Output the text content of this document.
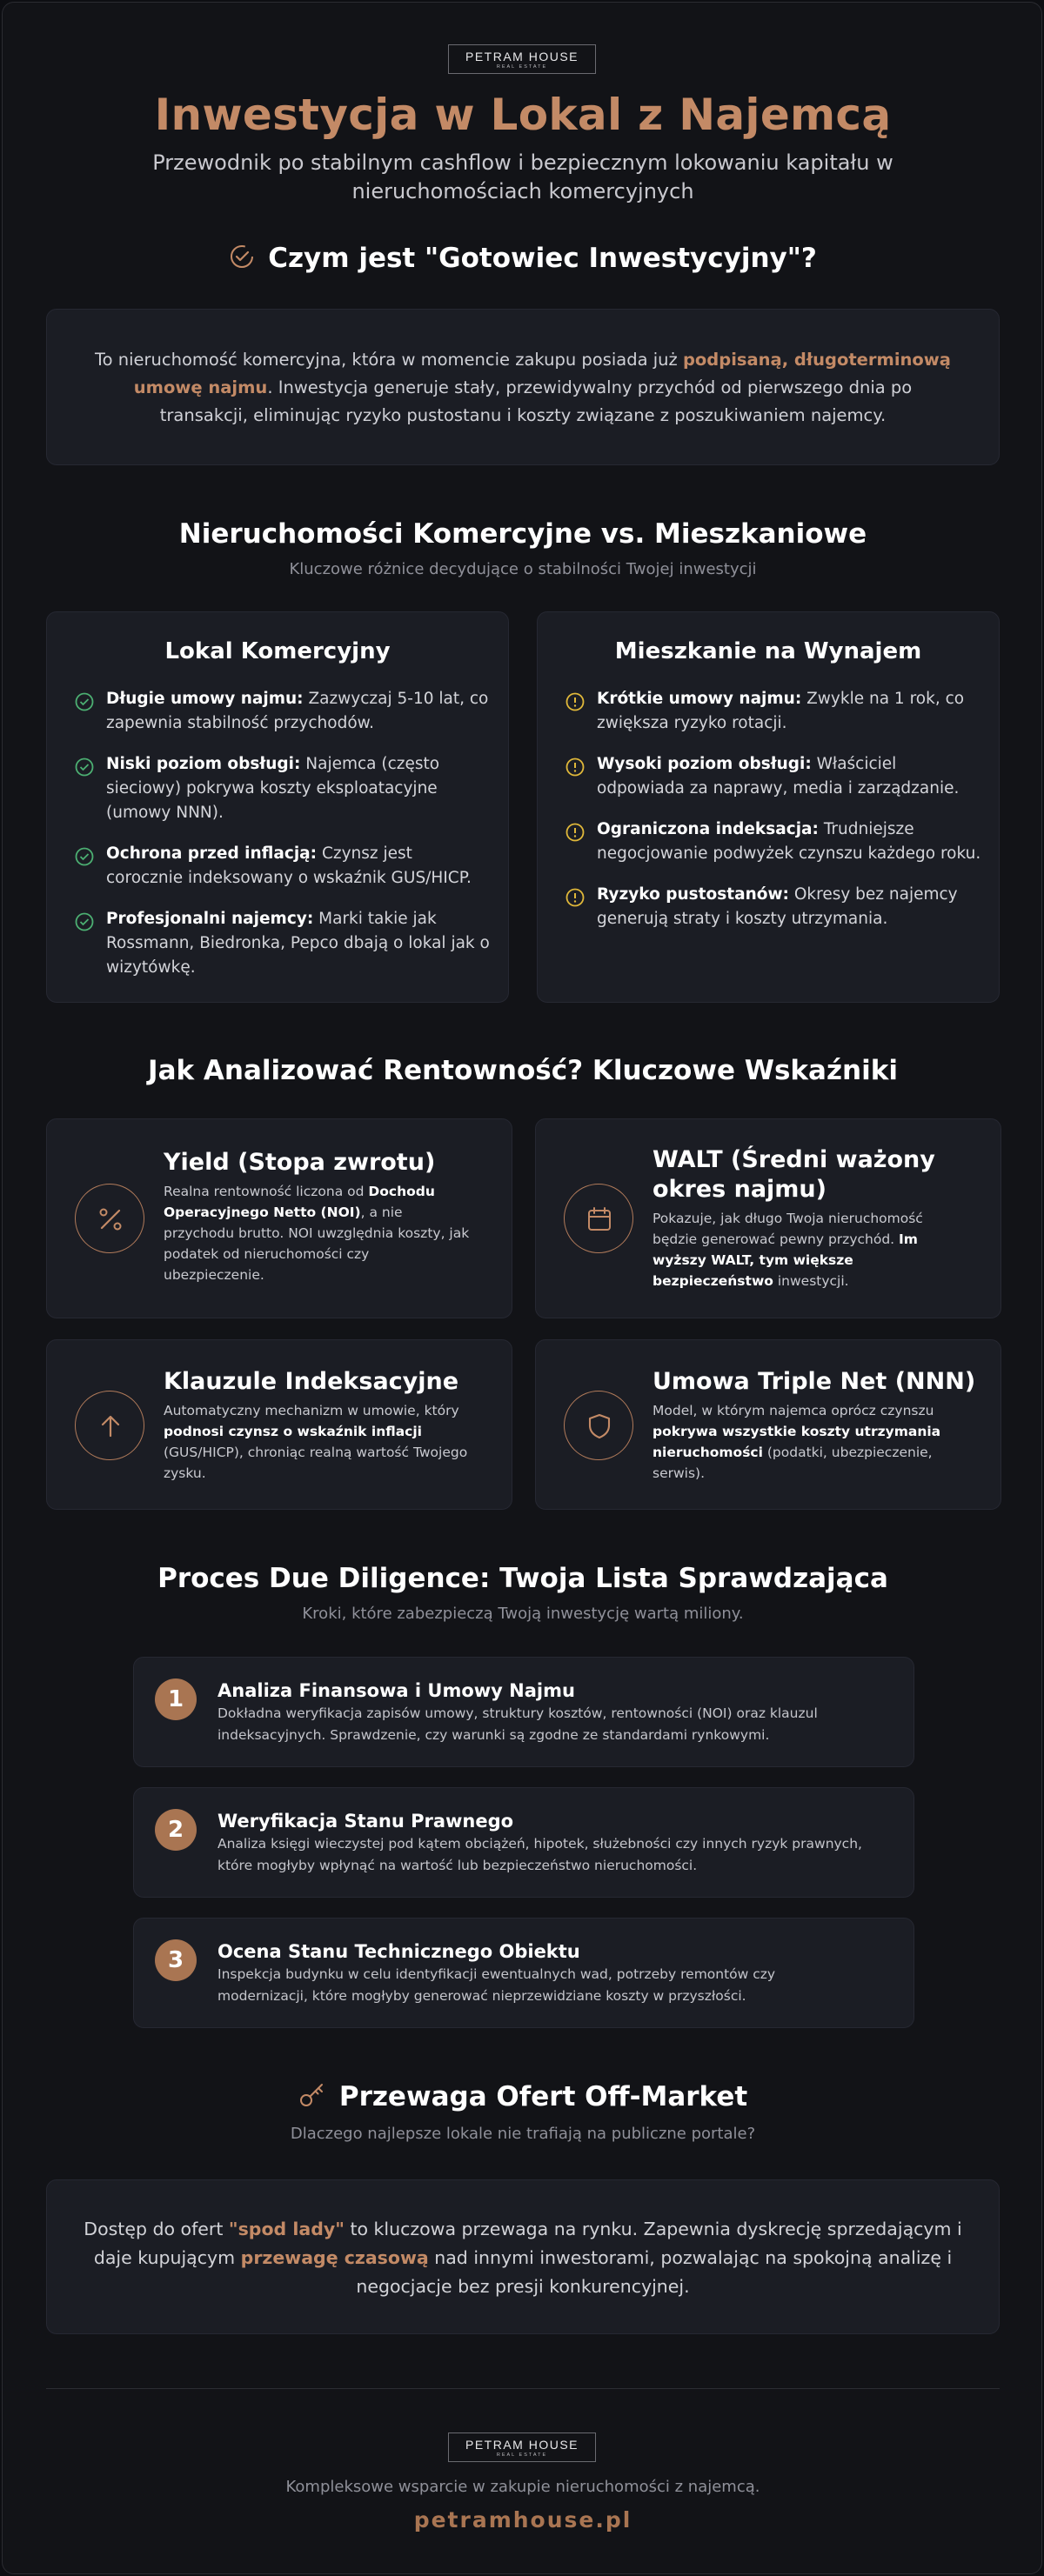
PETRAM HOUSE
REAL ESTATE
Inwestycja w Lokal z Najemcą
Przewodnik po stabilnym cashflow i bezpiecznym lokowaniu kapitału w
nieruchomościach komercyjnych
Czym jest "Gotowiec Inwestycyjny"?
To nieruchomość komercyjna, która w momencie zakupu posiada już podpisaną, długoterminową
umowę najmu. Inwestycja generuje stały, przewidywalny przychód od pierwszego dnia po
transakcji, eliminując ryzyko pustostanu i koszty związane z poszukiwaniem najemcy.
Nieruchomości Komercyjne vs. Mieszkaniowe
Kluczowe różnice decydujące o stabilności Twojej inwestycji
Lokal Komercyjny
Długie umowy najmu: Zazwyczaj 5-10 lat, co
zapewnia stabilność przychodów.
Niski poziom obsługi: Najemca (często
sieciowy) pokrywa koszty eksploatacyjne
(umowy NNN).
Ochrona przed inflacją: Czynsz jest
corocznie indeksowany o wskaźnik GUS/HICP.
Profesjonalni najemcy: Marki takie jak
Rossmann, Biedronka, Pepco dbają o lokal jak o
wizytówkę.
Mieszkanie na Wynajem
Krótkie umowy najmu: Zwykle na 1 rok, co
zwiększa ryzyko rotacji.
Wysoki poziom obsługi: Właściciel
odpowiada za naprawy, media i zarządzanie.
Ograniczona indeksacja: Trudniejsze
negocjowanie podwyżek czynszu każdego roku.
Ryzyko pustostanów: Okresy bez najemcy
generują straty i koszty utrzymania.
Jak Analizować Rentowność? Kluczowe Wskaźniki
Yield (Stopa zwrotu)
Realna rentowność liczona od Dochodu
Operacyjnego Netto (NOI), a nie
przychodu brutto. NOI uwzględnia koszty, jak
podatek od nieruchomości czy
ubezpieczenie.
WALT (Średni ważony
okres najmu)
Pokazuje, jak długo Twoja nieruchomość
będzie generować pewny przychód. Im
wyższy WALT, tym większe
bezpieczeństwo inwestycji.
Klauzule Indeksacyjne
Automatyczny mechanizm w umowie, który
podnosi czynsz o wskaźnik inflacji
(GUS/HICP), chroniąc realną wartość Twojego
zysku.
Umowa Triple Net (NNN)
Model, w którym najemca oprócz czynszu
pokrywa wszystkie koszty utrzymania
nieruchomości (podatki, ubezpieczenie,
serwis).
Proces Due Diligence: Twoja Lista Sprawdzająca
Kroki, które zabezpieczą Twoją inwestycję wartą miliony.
1	Analiza Finansowa i Umowy Najmu
Dokładna weryfikacja zapisów umowy, struktury kosztów, rentowności (NOI) oraz klauzul
indeksacyjnych. Sprawdzenie, czy warunki są zgodne ze standardami rynkowymi.
2	Weryfikacja Stanu Prawnego
Analiza księgi wieczystej pod kątem obciążeń, hipotek, służebności czy innych ryzyk prawnych,
które mogłyby wpłynąć na wartość lub bezpieczeństwo nieruchomości.
3	Ocena Stanu Technicznego Obiektu
Inspekcja budynku w celu identyfikacji ewentualnych wad, potrzeby remontów czy
modernizacji, które mogłyby generować nieprzewidziane koszty w przyszłości.
Przewaga Ofert Off-Market
Dlaczego najlepsze lokale nie trafiają na publiczne portale?
Dostęp do ofert "spod lady" to kluczowa przewaga na rynku. Zapewnia dyskrecję sprzedającym i
daje kupującym przewagę czasową nad innymi inwestorami, pozwalając na spokojną analizę i
negocjacje bez presji konkurencyjnej.
PETRAM HOUSE
REAL ESTATE
Kompleksowe wsparcie w zakupie nieruchomości z najemcą.
petramhouse.pl
